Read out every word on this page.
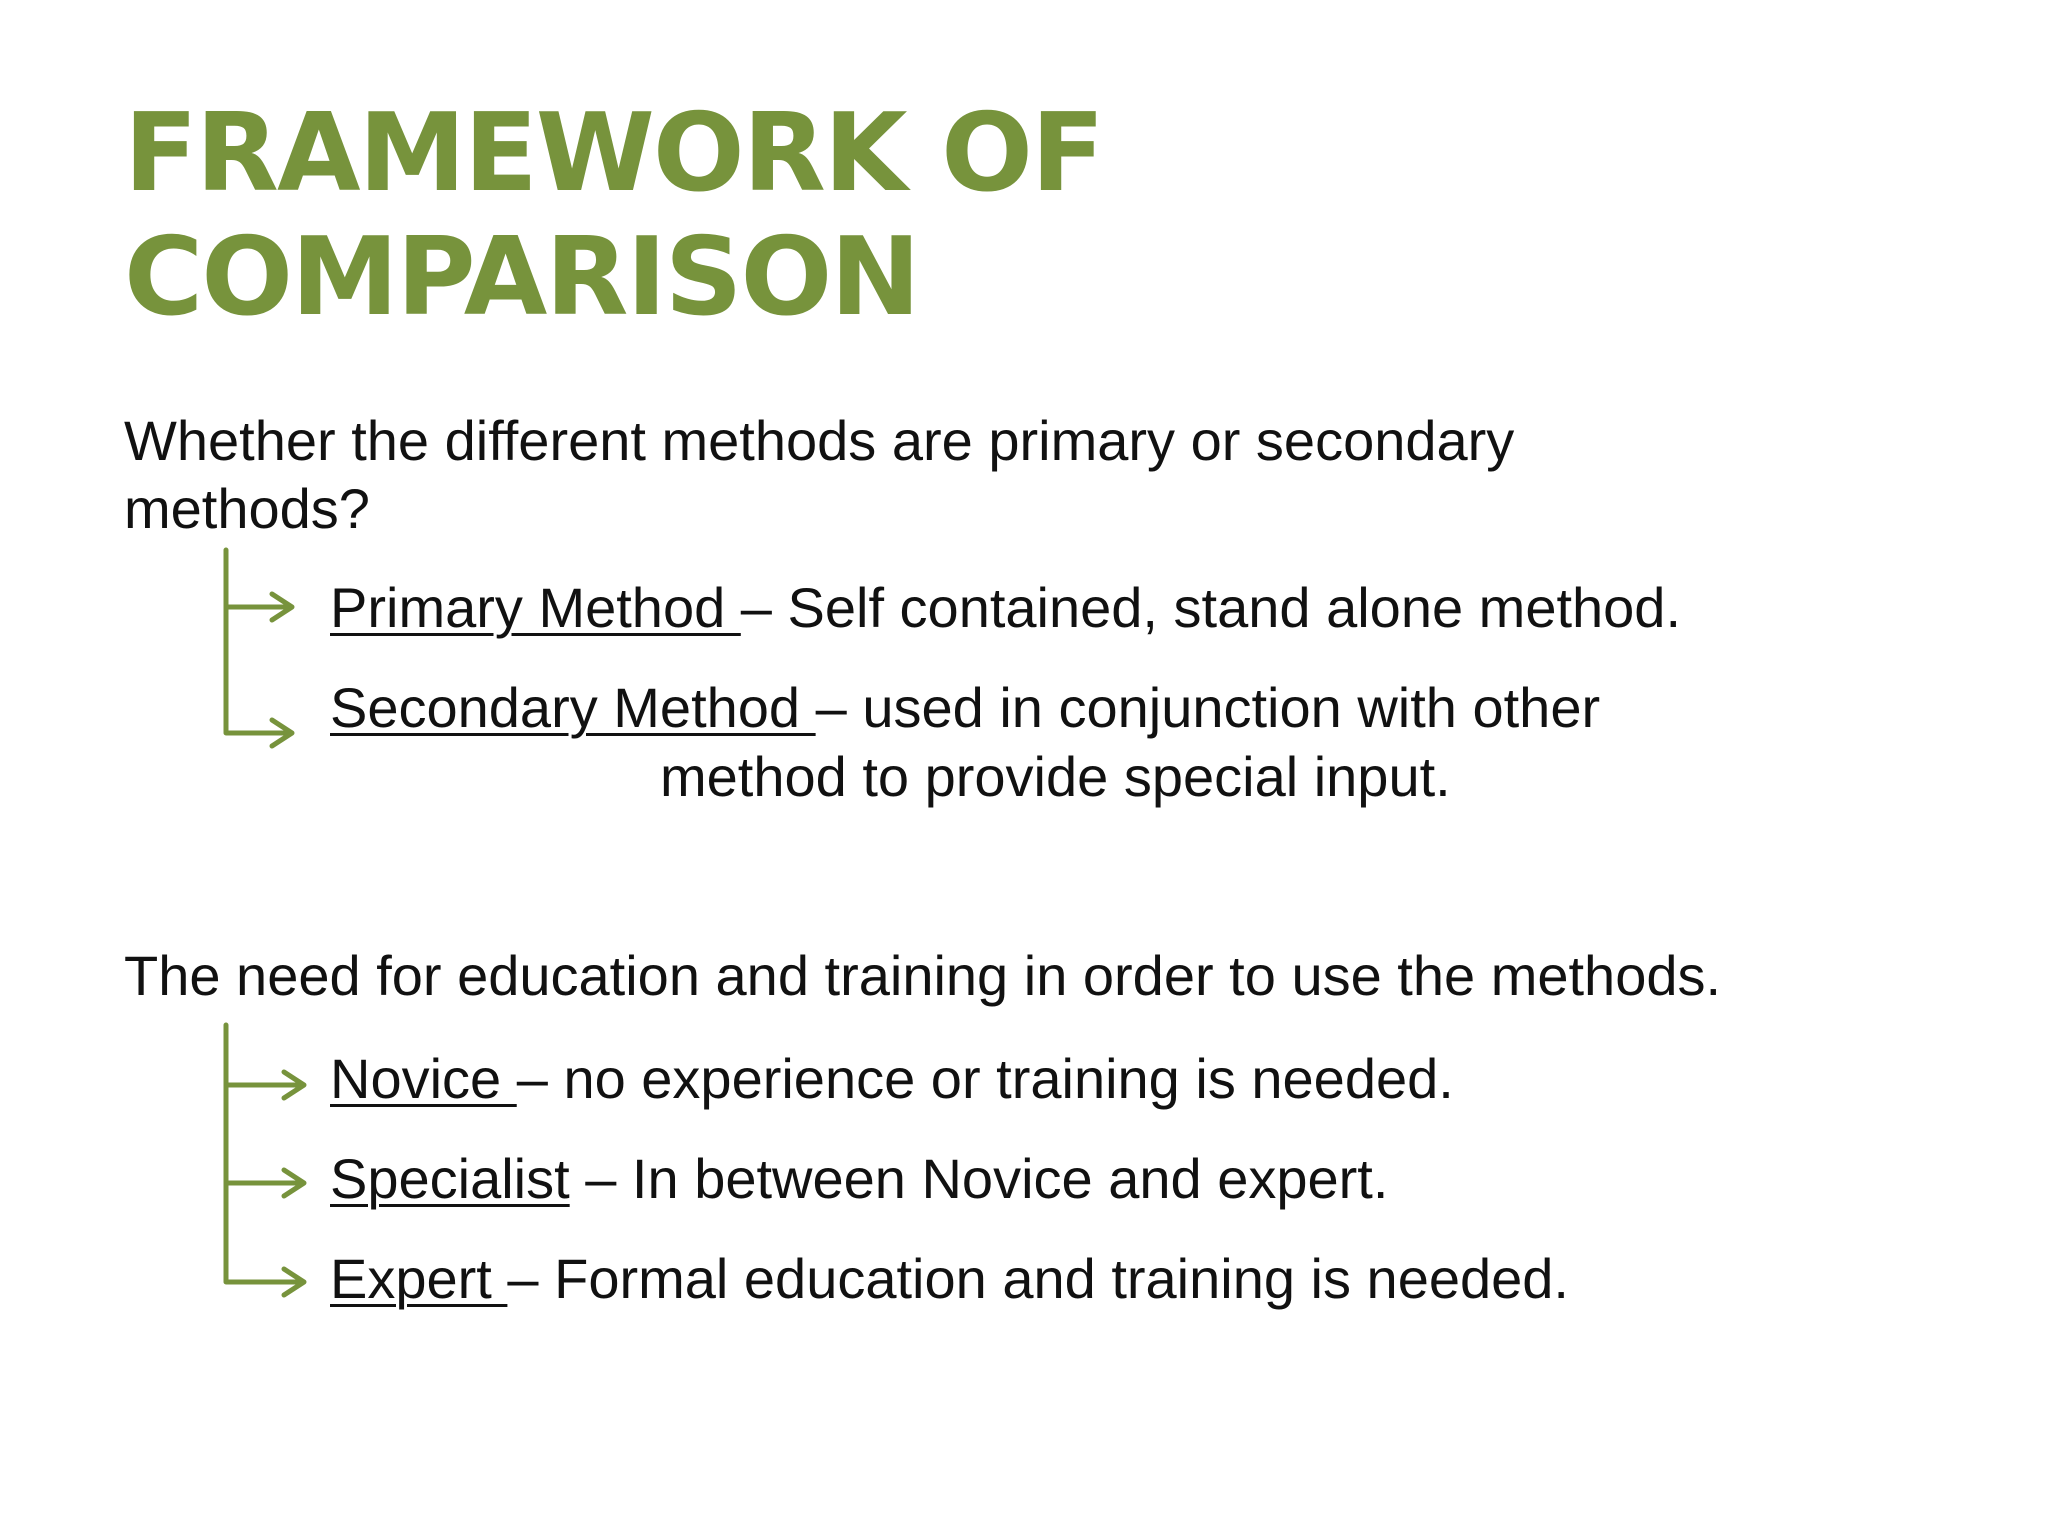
FRAMEWORK OF
COMPARISON

Whether the different methods are primary or secondary
methods?

Primary Method – Self contained, stand alone method.

Secondary Method – used in conjunction with other

method to provide special input.

The need for education and training in order to use the methods.

Novice – no experience or training is needed.

Specialist – In between Novice and expert.

Expert – Formal education and training is needed.
